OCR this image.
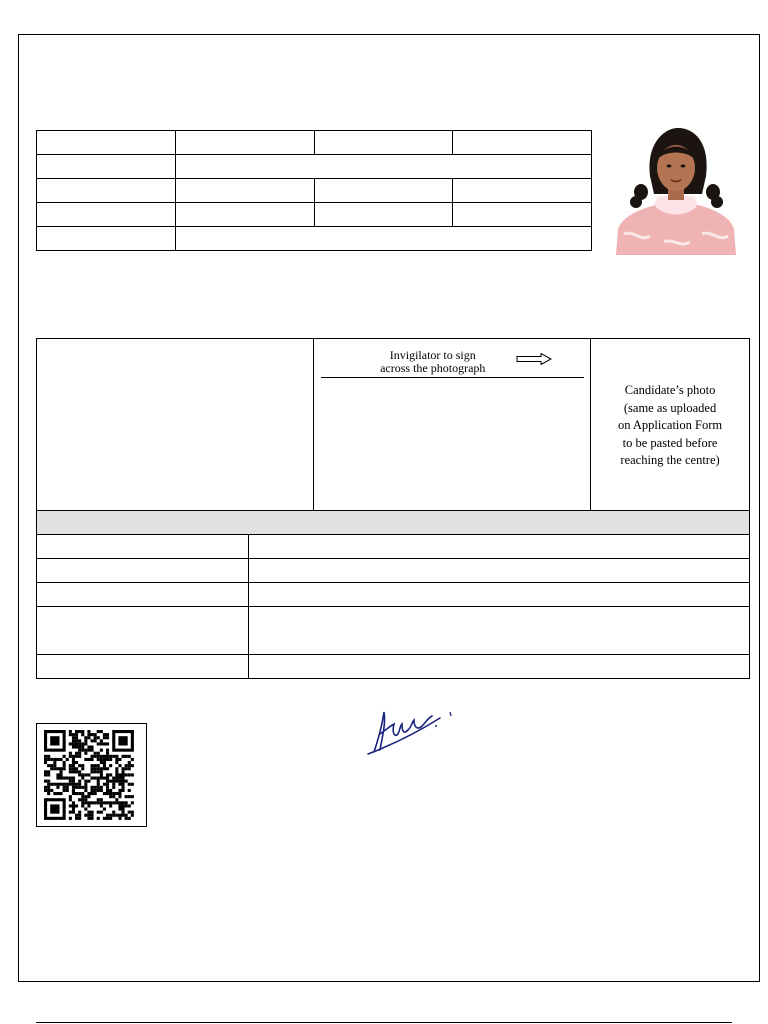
Invigilator to sign
across the photograph

Candidate’s photo
(same as uploaded
on Application Form
to be pasted before
reaching the centre)
